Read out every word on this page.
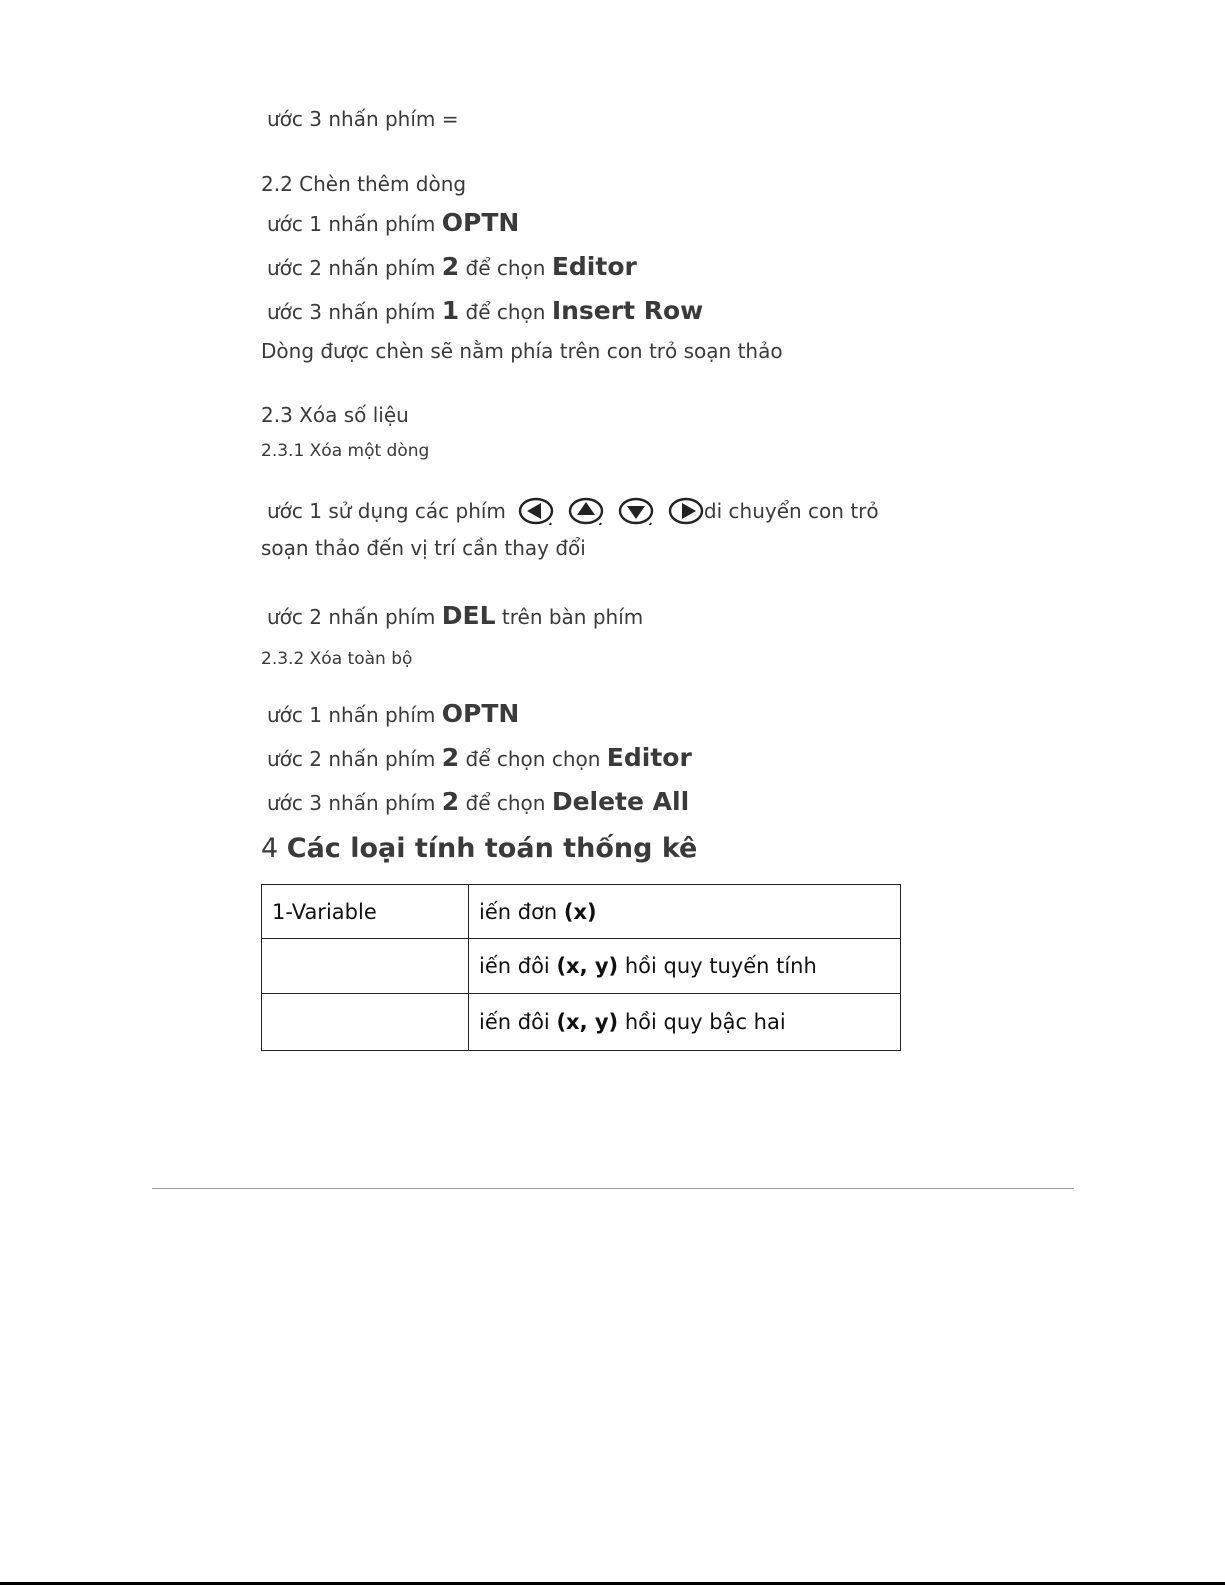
ước 3 nhấn phím =
2.2 Chèn thêm dòng
ước 1 nhấn phím OPTN
ước 2 nhấn phím 2 để chọn Editor
ước 3 nhấn phím 1 để chọn Insert Row
Dòng được chèn sẽ nằm phía trên con trỏ soạn thảo
2.3 Xóa số liệu
2.3.1 Xóa một dòng
ước 1 sử dụng các phím	di chuyển con trỏ
soạn thảo đến vị trí cần thay đổi
ước 2 nhấn phím DEL trên bàn phím
2.3.2 Xóa toàn bộ
ước 1 nhấn phím OPTN
ước 2 nhấn phím 2 để chọn chọn Editor
ước 3 nhấn phím 2 để chọn Delete All
4 Các loại tính toán thống kê
1-Variable	iến đơn (x)
	iến đôi (x, y) hồi quy tuyến tính
	iến đôi (x, y) hồi quy bậc hai
